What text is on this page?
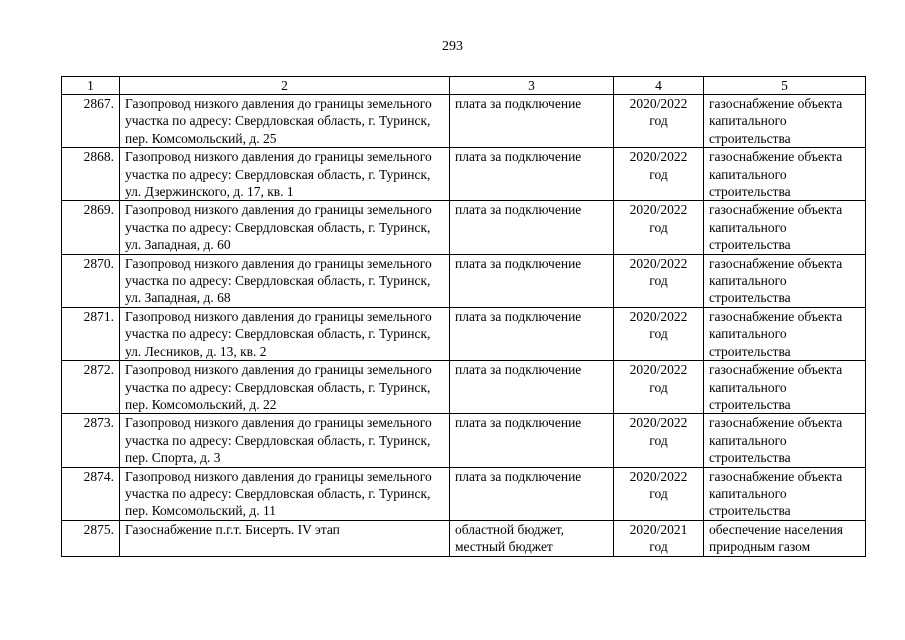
293
1	2	3	4	5
2867.	Газопровод низкого давления до границы земельного участка по адресу: Свердловская область, г. Туринск, пер. Комсомольский, д. 25	плата за подключение	2020/2022 год	газоснабжение объекта капитального строительства
2868.	Газопровод низкого давления до границы земельного участка по адресу: Свердловская область, г. Туринск, ул. Дзержинского, д. 17, кв. 1	плата за подключение	2020/2022 год	газоснабжение объекта капитального строительства
2869.	Газопровод низкого давления до границы земельного участка по адресу: Свердловская область, г. Туринск, ул. Западная, д. 60	плата за подключение	2020/2022 год	газоснабжение объекта капитального строительства
2870.	Газопровод низкого давления до границы земельного участка по адресу: Свердловская область, г. Туринск, ул. Западная, д. 68	плата за подключение	2020/2022 год	газоснабжение объекта капитального строительства
2871.	Газопровод низкого давления до границы земельного участка по адресу: Свердловская область, г. Туринск, ул. Лесников, д. 13, кв. 2	плата за подключение	2020/2022 год	газоснабжение объекта капитального строительства
2872.	Газопровод низкого давления до границы земельного участка по адресу: Свердловская область, г. Туринск, пер. Комсомольский, д. 22	плата за подключение	2020/2022 год	газоснабжение объекта капитального строительства
2873.	Газопровод низкого давления до границы земельного участка по адресу: Свердловская область, г. Туринск, пер. Спорта, д. 3	плата за подключение	2020/2022 год	газоснабжение объекта капитального строительства
2874.	Газопровод низкого давления до границы земельного участка по адресу: Свердловская область, г. Туринск, пер. Комсомольский, д. 11	плата за подключение	2020/2022 год	газоснабжение объекта капитального строительства
2875.	Газоснабжение п.г.т. Бисерть. IV этап	областной бюджет, местный бюджет	2020/2021 год	обеспечение населения природным газом
